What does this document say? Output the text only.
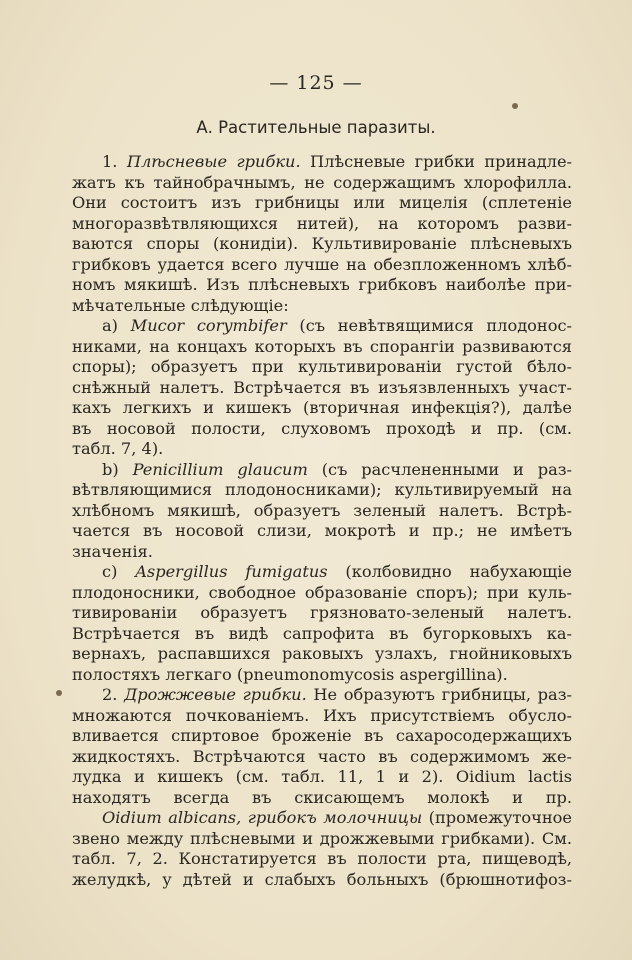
— 125 —
А. Растительные паразиты.
1. Плѣсневые грибки. Плѣсневые грибки принадле-
жатъ къ тайнобрачнымъ, не содержащимъ хлорофилла.
Они состоитъ изъ грибницы или мицелія (сплетеніе
многоразвѣтвляющихся нитей), на которомъ разви-
ваются споры (конидіи). Культивированіе плѣсневыхъ
грибковъ удается всего лучше на обезпложенномъ хлѣб-
номъ мякишѣ. Изъ плѣсневыхъ грибковъ наиболѣе при-
мѣчательные слѣдующіе:
а) Mucor corymbifer (съ невѣтвящимися плодонос-
никами, на концахъ которыхъ въ спорангіи развиваются
споры); образуетъ при культивированіи густой бѣло-
снѣжный налетъ. Встрѣчается въ изъязвленныхъ участ-
кахъ легкихъ и кишекъ (вторичная инфекція?), далѣе
въ носовой полости, слуховомъ проходѣ и пр. (см.
табл. 7, 4).
b) Penicillium glaucum (съ расчлененными и раз-
вѣтвляющимися плодоносниками); культивируемый на
хлѣбномъ мякишѣ, образуетъ зеленый налетъ. Встрѣ-
чается въ носовой слизи, мокротѣ и пр.; не имѣетъ
значенія.
c) Aspergillus fumigatus (колбовидно набухающіе
плодоносники, свободное образованіе споръ); при куль-
тивированіи образуетъ грязновато-зеленый налетъ.
Встрѣчается въ видѣ сапрофита въ бугорковыхъ ка-
вернахъ, распавшихся раковыхъ узлахъ, гнойниковыхъ
полостяхъ легкаго (pneumonomycosis aspergillina).
2. Дрожжевые грибки. Не образуютъ грибницы, раз-
множаются почкованіемъ. Ихъ присутствіемъ обусло-
вливается спиртовое броженіе въ сахаросодержащихъ
жидкостяхъ. Встрѣчаются часто въ содержимомъ же-
лудка и кишекъ (см. табл. 11, 1 и 2). Oidium lactis
находятъ всегда въ скисающемъ молокѣ и пр.
Oidium albicans, грибокъ молочницы (промежуточное
звено между плѣсневыми и дрожжевыми грибками). См.
табл. 7, 2. Констатируется въ полости рта, пищеводѣ,
желудкѣ, у дѣтей и слабыхъ больныхъ (брюшнотифоз-
